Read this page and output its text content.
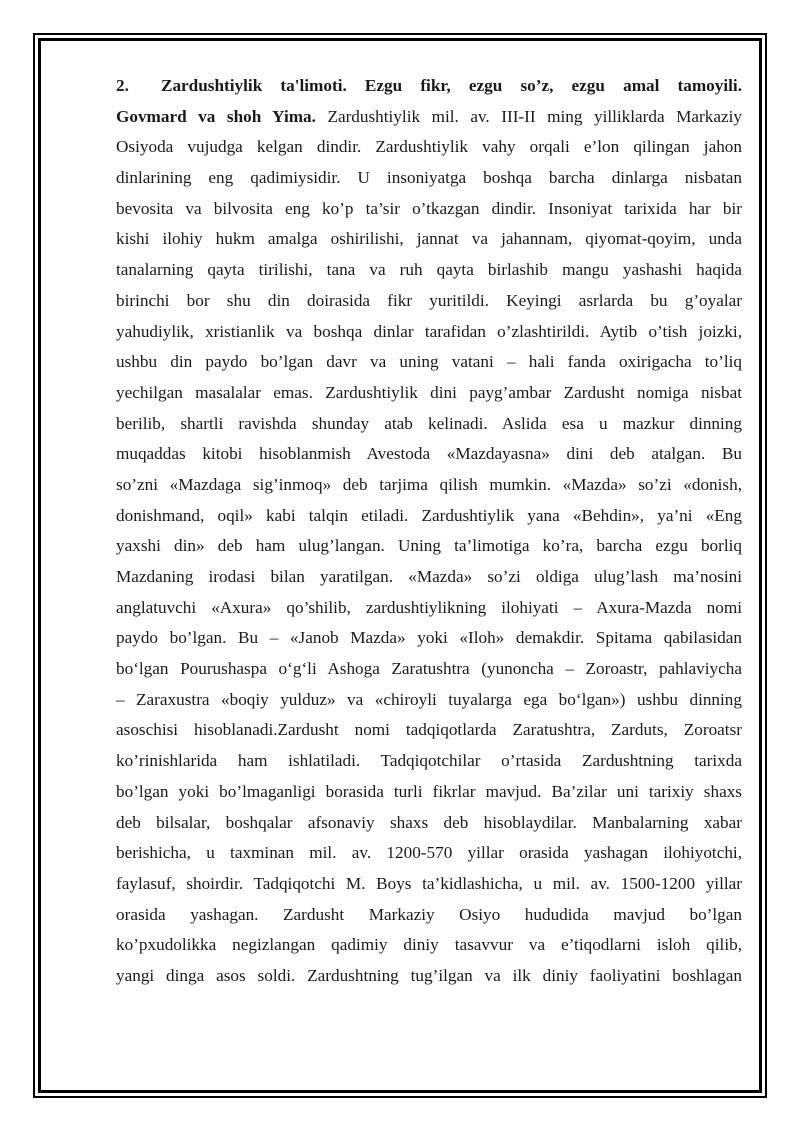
2. Zardushtiylik ta'limoti. Ezgu fikr, ezgu so’z, ezgu amal tamoyili.
Govmard va shoh Yima. Zardushtiylik mil. av. III-II ming yilliklarda Markaziy
Osiyoda vujudga kelgan dindir. Zardushtiylik vahy orqali e’lon qilingan jahon
dinlarining eng qadimiysidir. U insoniyatga boshqa barcha dinlarga nisbatan
bevosita va bilvosita eng ko’p ta’sir o’tkazgan dindir. Insoniyat tarixida har bir
kishi ilohiy hukm amalga oshirilishi, jannat va jahannam, qiyomat-qoyim, unda
tanalarning qayta tirilishi, tana va ruh qayta birlashib mangu yashashi haqida
birinchi bor shu din doirasida fikr yuritildi. Keyingi asrlarda bu g’oyalar
yahudiylik, xristianlik va boshqa dinlar tarafidan o’zlashtirildi. Aytib o’tish joizki,
ushbu din paydo bo’lgan davr va uning vatani – hali fanda oxirigacha to’liq
yechilgan masalalar emas. Zardushtiylik dini payg’ambar Zardusht nomiga nisbat
berilib, shartli ravishda shunday atab kelinadi. Aslida esa u mazkur dinning
muqaddas kitobi hisoblanmish Avestoda «Mazdayasna» dini deb atalgan. Bu
so’zni «Mazdaga sig’inmoq» deb tarjima qilish mumkin. «Mazda» so’zi «donish,
donishmand, oqil» kabi talqin etiladi. Zardushtiylik yana «Behdin», ya’ni «Eng
yaxshi din» deb ham ulug’langan. Uning ta’limotiga ko’ra, barcha ezgu borliq
Mazdaning irodasi bilan yaratilgan. «Mazda» so’zi oldiga ulug’lash ma’nosini
anglatuvchi «Axura» qo’shilib, zardushtiylikning ilohiyati – Axura-Mazda nomi
paydo bo’lgan. Bu – «Janob Mazda» yoki «Iloh» demakdir. Spitama qabilasidan
bo‘lgan Pourushaspa o‘g‘li Ashoga Zaratushtra (yunoncha – Zoroastr, pahlaviycha
– Zaraxustra «boqiy yulduz» va «chiroyli tuyalarga ega bo‘lgan») ushbu dinning
asoschisi hisoblanadi.Zardusht nomi tadqiqotlarda Zaratushtra, Zarduts, Zoroatsr
ko’rinishlarida ham ishlatiladi. Tadqiqotchilar o’rtasida Zardushtning tarixda
bo’lgan yoki bo’lmaganligi borasida turli fikrlar mavjud. Ba’zilar uni tarixiy shaxs
deb bilsalar, boshqalar afsonaviy shaxs deb hisoblaydilar. Manbalarning xabar
berishicha, u taxminan mil. av. 1200-570 yillar orasida yashagan ilohiyotchi,
faylasuf, shoirdir. Tadqiqotchi M. Boys ta’kidlashicha, u mil. av. 1500-1200 yillar
orasida yashagan. Zardusht Markaziy Osiyo hududida mavjud bo’lgan
ko’pxudolikka negizlangan qadimiy diniy tasavvur va e’tiqodlarni isloh qilib,
yangi dinga asos soldi. Zardushtning tug’ilgan va ilk diniy faoliyatini boshlagan
